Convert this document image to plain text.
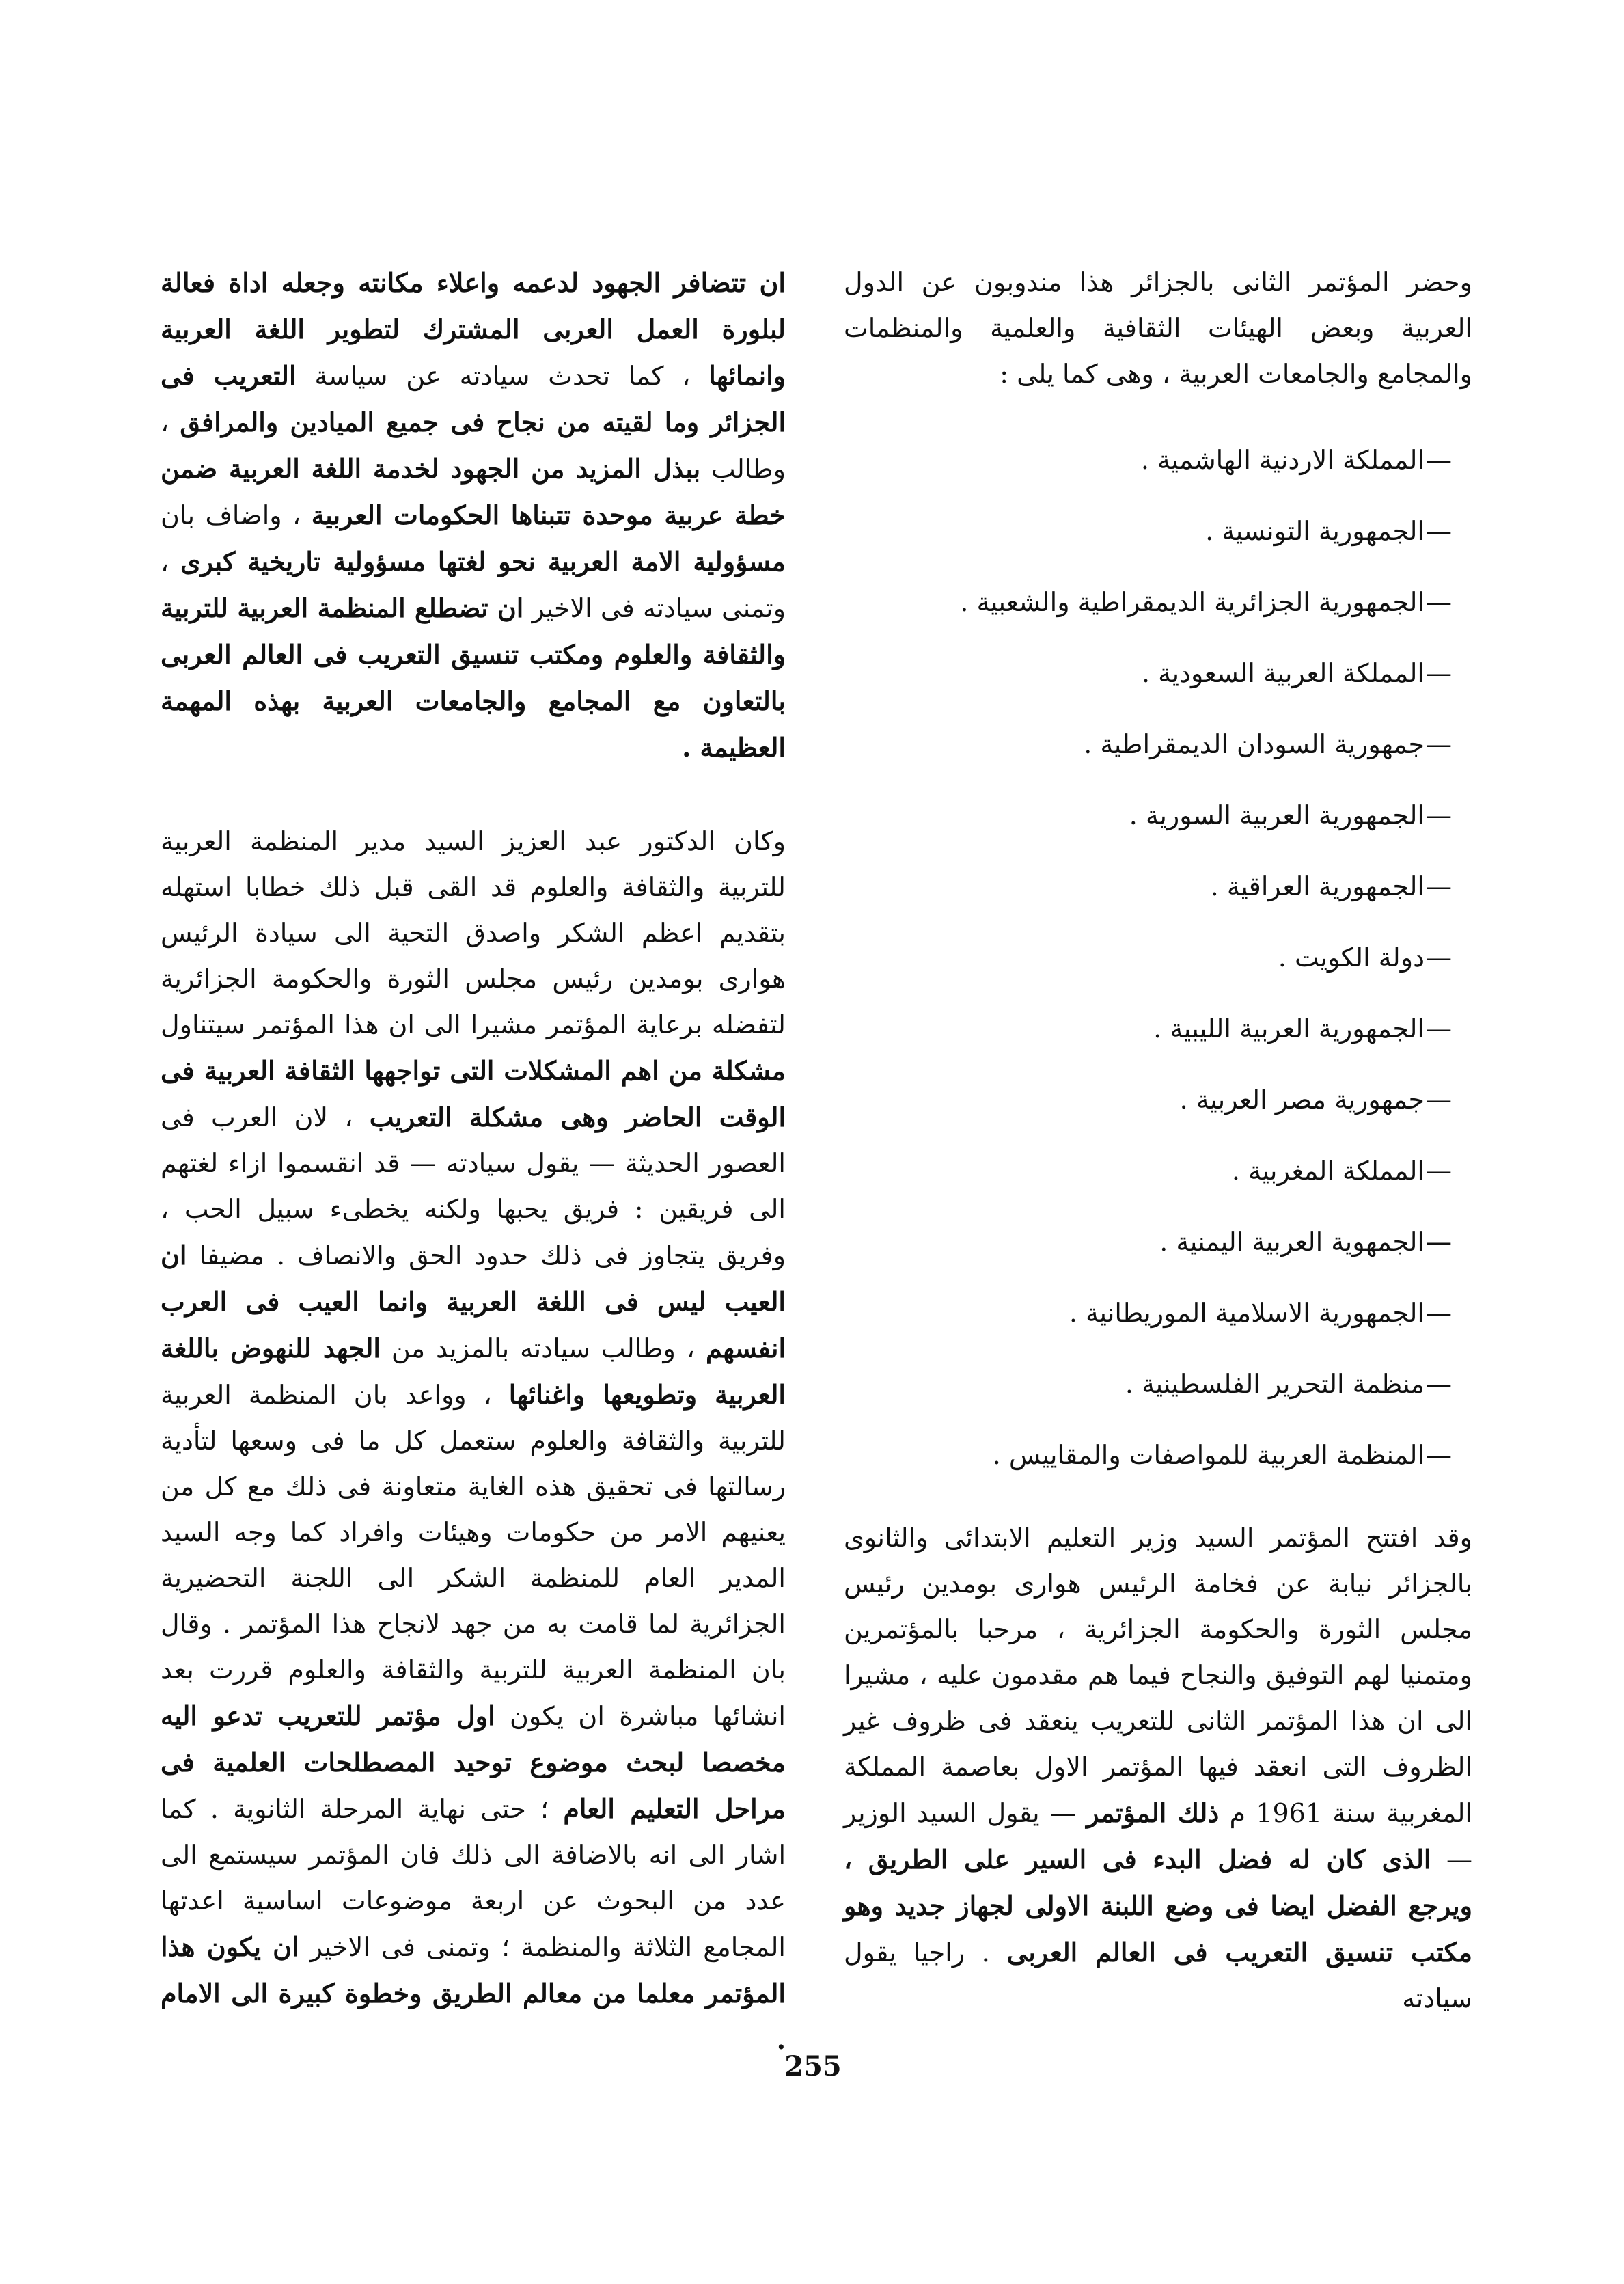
وحضر المؤتمر الثانى بالجزائر هذا مندوبون عن الدول العربية وبعض الهيئات الثقافية والعلمية والمنظمات والمجامع والجامعات العربية ، وهى كما يلى :

—المملكة الاردنية الهاشمية .
—الجمهورية التونسية .
—الجمهورية الجزائرية الديمقراطية والشعبية .
—المملكة العربية السعودية .
—جمهورية السودان الديمقراطية .
—الجمهورية العربية السورية .
—الجمهورية العراقية .
—دولة الكويت .
—الجمهورية العربية الليبية .
—جمهورية مصر العربية .
—المملكة المغربية .
—الجمهوية العربية اليمنية .
—الجمهورية الاسلامية الموريطانية .
—منظمة التحرير الفلسطينية .
—المنظمة العربية للمواصفات والمقاييس .

وقد افتتح المؤتمر السيد وزير التعليم الابتدائى والثانوى بالجزائر نيابة عن فخامة الرئيس هوارى بومدين رئيس مجلس الثورة والحكومة الجزائرية ، مرحبا بالمؤتمرين ومتمنيا لهم التوفيق والنجاح فيما هم مقدمون عليه ، مشيرا الى ان هذا المؤتمر الثانى للتعريب ينعقد فى ظروف غير الظروف التى انعقد فيها المؤتمر الاول بعاصمة المملكة المغربية سنة 1961 م ذلك المؤتمر — يقول السيد الوزير — الذى كان له فضل البدء فى السير على الطريق ، ويرجع الفضل ايضا فى وضع اللبنة الاولى لجهاز جديد وهو مكتب تنسيق التعريب فى العالم العربى . راجيا يقول سيادته

ان تتضافر الجهود لدعمه واعلاء مكانته وجعله اداة فعالة لبلورة العمل العربى المشترك لتطوير اللغة العربية وانمائها ، كما تحدث سيادته عن سياسة التعريب فى الجزائر وما لقيته من نجاح فى جميع الميادين والمرافق ، وطالب ببذل المزيد من الجهود لخدمة اللغة العربية ضمن خطة عربية موحدة تتبناها الحكومات العربية ، واضاف بان مسؤولية الامة العربية نحو لغتها مسؤولية تاريخية كبرى ، وتمنى سيادته فى الاخير ان تضطلع المنظمة العربية للتربية والثقافة والعلوم ومكتب تنسيق التعريب فى العالم العربى بالتعاون مع المجامع والجامعات العربية بهذه المهمة العظيمة .

وكان الدكتور عبد العزيز السيد مدير المنظمة العربية للتربية والثقافة والعلوم قد القى قبل ذلك خطابا استهله بتقديم اعظم الشكر واصدق التحية الى سيادة الرئيس هوارى بومدين رئيس مجلس الثورة والحكومة الجزائرية لتفضله برعاية المؤتمر مشيرا الى ان هذا المؤتمر سيتناول مشكلة من اهم المشكلات التى تواجهها الثقافة العربية فى الوقت الحاضر وهى مشكلة التعريب ، لان العرب فى العصور الحديثة — يقول سيادته — قد انقسموا ازاء لغتهم الى فريقين : فريق يحبها ولكنه يخطىء سبيل الحب ، وفريق يتجاوز فى ذلك حدود الحق والانصاف . مضيفا ان العيب ليس فى اللغة العربية وانما العيب فى العرب انفسهم ، وطالب سيادته بالمزيد من الجهد للنهوض باللغة العربية وتطويعها واغنائها ، وواعد بان المنظمة العربية للتربية والثقافة والعلوم ستعمل كل ما فى وسعها لتأدية رسالتها فى تحقيق هذه الغاية متعاونة فى ذلك مع كل من يعنيهم الامر من حكومات وهيئات وافراد كما وجه السيد المدير العام للمنظمة الشكر الى اللجنة التحضيرية الجزائرية لما قامت به من جهد لانجاح هذا المؤتمر . وقال بان المنظمة العربية للتربية والثقافة والعلوم قررت بعد انشائها مباشرة ان يكون اول مؤتمر للتعريب تدعو اليه مخصصا لبحث موضوع توحيد المصطلحات العلمية فى مراحل التعليم العام ؛ حتى نهاية المرحلة الثانوية . كما اشار الى انه بالاضافة الى ذلك فان المؤتمر سيستمع الى عدد من البحوث عن اربعة موضوعات اساسية اعدتها المجامع الثلاثة والمنظمة ؛ وتمنى فى الاخير ان يكون هذا المؤتمر معلما من معالم الطريق وخطوة كبيرة الى الامام .

255
